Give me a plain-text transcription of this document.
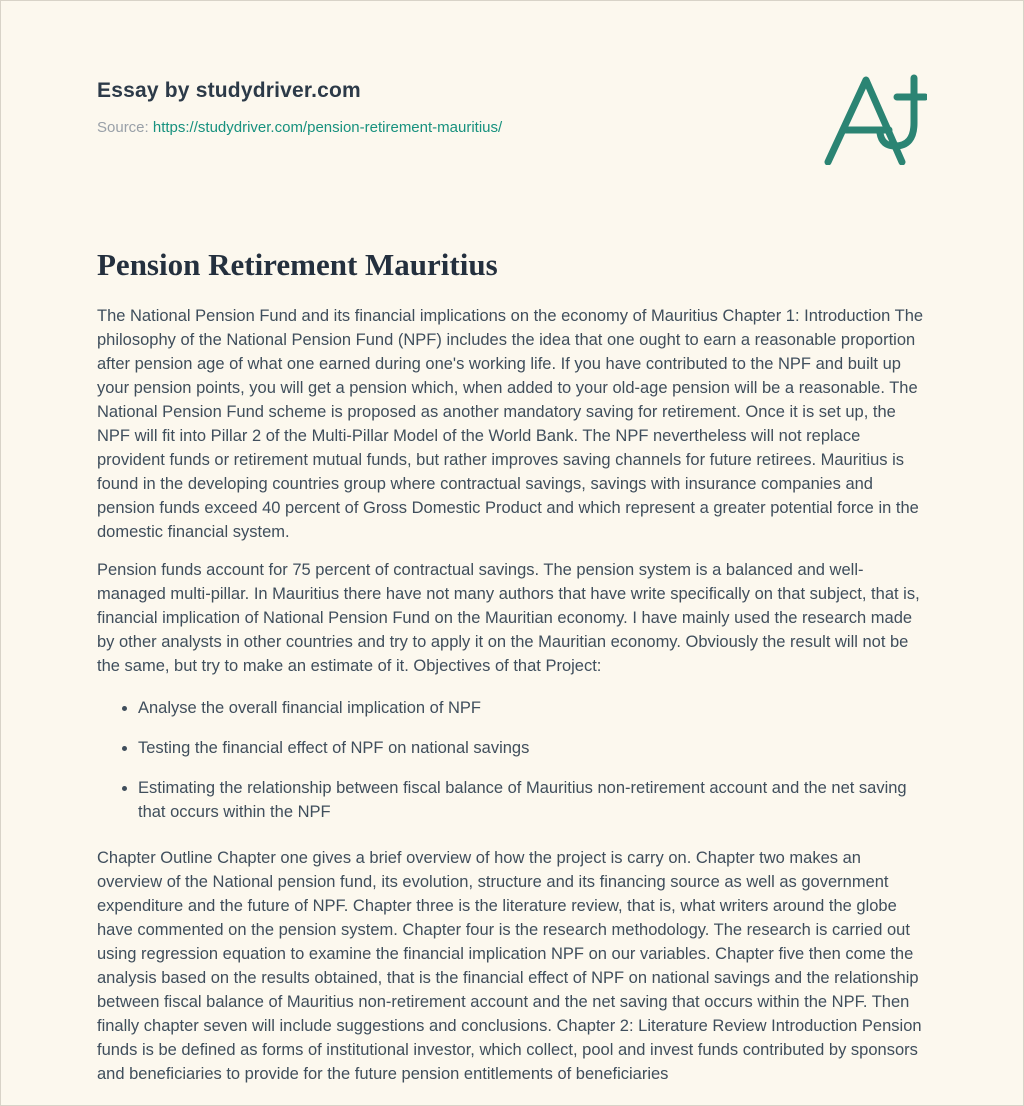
Essay by studydriver.com
Source: https://studydriver.com/pension-retirement-mauritius/
Pension Retirement Mauritius

The National Pension Fund and its financial implications on the economy of Mauritius Chapter 1: Introduction The philosophy of the National Pension Fund (NPF) includes the idea that one ought to earn a reasonable proportion after pension age of what one earned during one's working life. If you have contributed to the NPF and built up your pension points, you will get a pension which, when added to your old-age pension will be a reasonable. The National Pension Fund scheme is proposed as another mandatory saving for retirement. Once it is set up, the NPF will fit into Pillar 2 of the Multi-Pillar Model of the World Bank. The NPF nevertheless will not replace provident funds or retirement mutual funds, but rather improves saving channels for future retirees. Mauritius is found in the developing countries group where contractual savings, savings with insurance companies and pension funds exceed 40 percent of Gross Domestic Product and which represent a greater potential force in the domestic financial system.

Pension funds account for 75 percent of contractual savings. The pension system is a balanced and well-managed multi-pillar. In Mauritius there have not many authors that have write specifically on that subject, that is, financial implication of National Pension Fund on the Mauritian economy. I have mainly used the research made by other analysts in other countries and try to apply it on the Mauritian economy. Obviously the result will not be the same, but try to make an estimate of it. Objectives of that Project:

• Analyse the overall financial implication of NPF
• Testing the financial effect of NPF on national savings
• Estimating the relationship between fiscal balance of Mauritius non-retirement account and the net saving that occurs within the NPF

Chapter Outline Chapter one gives a brief overview of how the project is carry on. Chapter two makes an overview of the National pension fund, its evolution, structure and its financing source as well as government expenditure and the future of NPF. Chapter three is the literature review, that is, what writers around the globe have commented on the pension system. Chapter four is the research methodology. The research is carried out using regression equation to examine the financial implication NPF on our variables. Chapter five then come the analysis based on the results obtained, that is the financial effect of NPF on national savings and the relationship between fiscal balance of Mauritius non-retirement account and the net saving that occurs within the NPF. Then finally chapter seven will include suggestions and conclusions. Chapter 2: Literature Review Introduction Pension funds is be defined as forms of institutional investor, which collect, pool and invest funds contributed by sponsors and beneficiaries to provide for the future pension entitlements of beneficiaries
